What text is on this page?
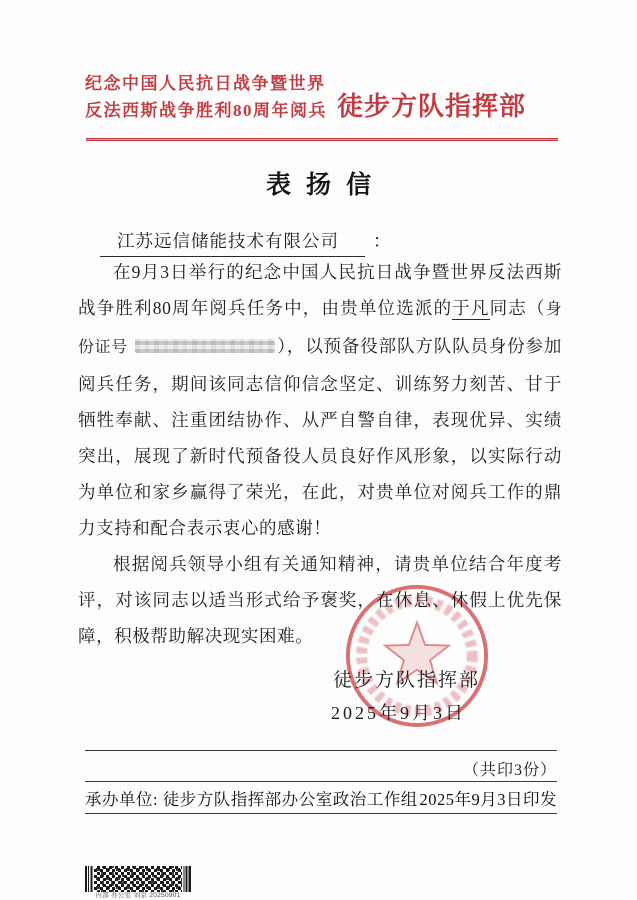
纪念中国人民抗日战争暨世界
反法西斯战争胜利80周年阅兵 徒步方队指挥部
表扬信
江苏远信储能技术有限公司 ：

在9月3日举行的纪念中国人民抗日战争暨世界反法西斯战争胜利80周年阅兵任务中，由贵单位选派的于凡同志（身份证号	），以预备役部队方队队员身份参加阅兵任务，期间该同志信仰信念坚定、训练努力刻苦、甘于牺牲奉献、注重团结协作、从严自警自律，表现优异、实绩突出，展现了新时代预备役人员良好作风形象，以实际行动为单位和家乡赢得了荣光，在此，对贵单位对阅兵工作的鼎力支持和配合表示衷心的感谢！

根据阅兵领导小组有关通知精神，请贵单位结合年度考评，对该同志以适当形式给予褒奖，在休息、休假上优先保障，积极帮助解决现实困难。

徒步方队指挥部
2025年9月3日
（共印3份）
承办单位: 徒步方队指挥部办公室政治工作组 2025年9月3日印发
内部 办公室 刘京 20250901
